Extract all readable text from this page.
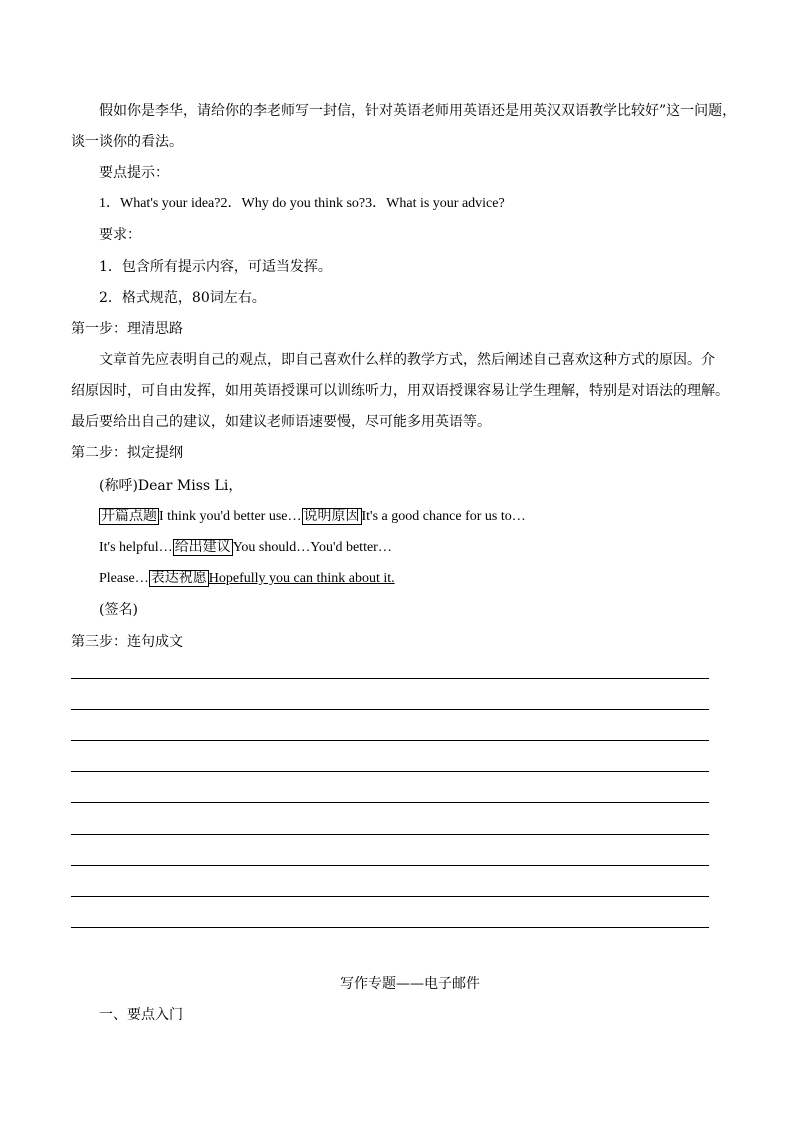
假如你是李华，请给你的李老师写一封信，针对英语老师用英语还是用英汉双语教学比较好”这一问题，
谈一谈你的看法。
要点提示：
1．What's your idea?2．Why do you think so?3．What is your advice?
要求：
1．包含所有提示内容，可适当发挥。
2．格式规范，80词左右。
第一步：理清思路
文章首先应表明自己的观点，即自己喜欢什么样的教学方式，然后阐述自己喜欢这种方式的原因。介
绍原因时，可自由发挥，如用英语授课可以训练听力，用双语授课容易让学生理解，特别是对语法的理解。
最后要给出自己的建议，如建议老师语速要慢，尽可能多用英语等。
第二步：拟定提纲
(称呼)Dear Miss Li，
开篇点题 I think you'd better use… 说明原因 It's a good chance for us to…
It's helpful… 给出建议 You should…You'd better…
Please… 表达祝愿 Hopefully you can think about it.
(签名)
第三步：连句成文
写作专题——电子邮件
一、要点入门
